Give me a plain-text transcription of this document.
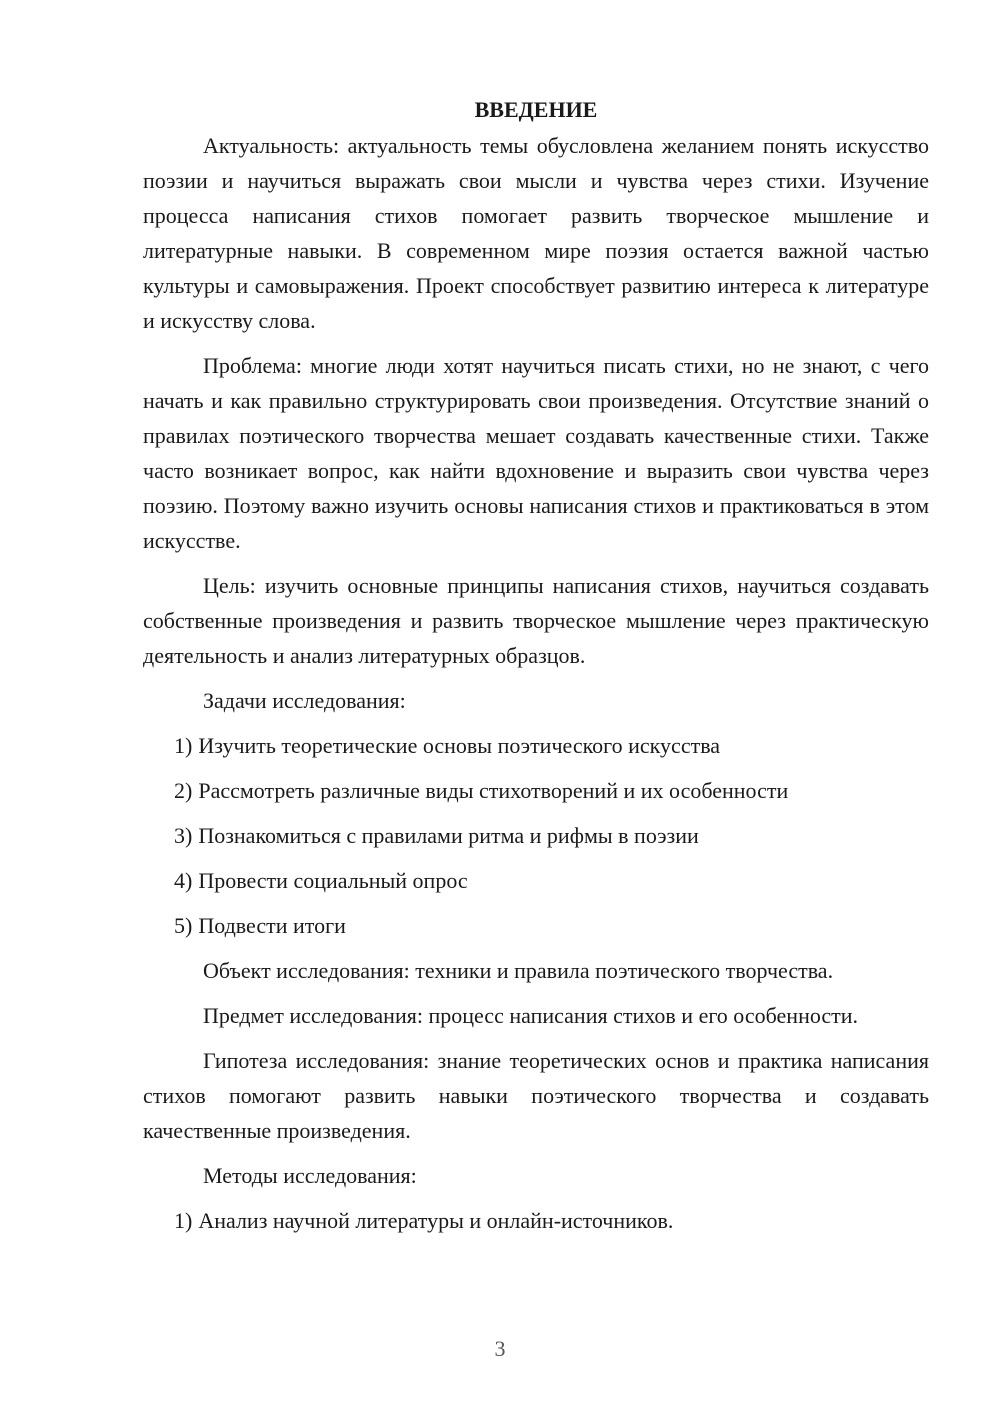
ВВЕДЕНИЕ

Актуальность: актуальность темы обусловлена желанием понять искусство поэзии и научиться выражать свои мысли и чувства через стихи. Изучение процесса написания стихов помогает развить творческое мышление и литературные навыки. В современном мире поэзия остается важной частью культуры и самовыражения. Проект способствует развитию интереса к литературе и искусству слова.

Проблема: многие люди хотят научиться писать стихи, но не знают, с чего начать и как правильно структурировать свои произведения. Отсутствие знаний о правилах поэтического творчества мешает создавать качественные стихи. Также часто возникает вопрос, как найти вдохновение и выразить свои чувства через поэзию. Поэтому важно изучить основы написания стихов и практиковаться в этом искусстве.

Цель: изучить основные принципы написания стихов, научиться создавать собственные произведения и развить творческое мышление через практическую деятельность и анализ литературных образцов.

Задачи исследования:

1) Изучить теоретические основы поэтического искусства
2) Рассмотреть различные виды стихотворений и их особенности
3) Познакомиться с правилами ритма и рифмы в поэзии
4) Провести социальный опрос
5) Подвести итоги

Объект исследования: техники и правила поэтического творчества.

Предмет исследования: процесс написания стихов и его особенности.

Гипотеза исследования: знание теоретических основ и практика написания стихов помогают развить навыки поэтического творчества и создавать качественные произведения.

Методы исследования:

1) Анализ научной литературы и онлайн-источников.
3
